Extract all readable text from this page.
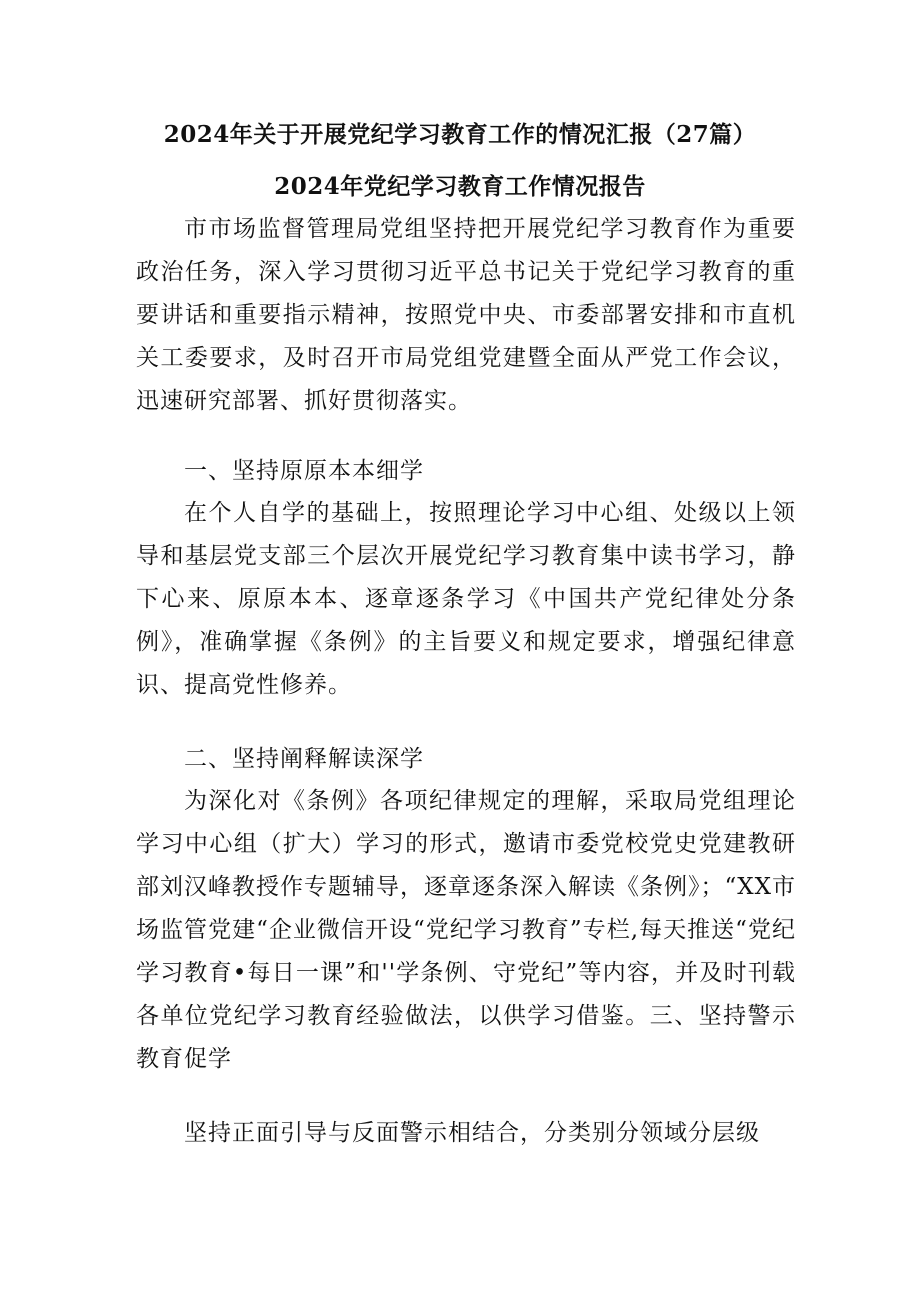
2024年关于开展党纪学习教育工作的情况汇报（27篇）
2024年党纪学习教育工作情况报告
市市场监督管理局党组坚持把开展党纪学习教育作为重要政治任务，深入学习贯彻习近平总书记关于党纪学习教育的重要讲话和重要指示精神，按照党中央、市委部署安排和市直机关工委要求，及时召开市局党组党建暨全面从严党工作会议，迅速研究部署、抓好贯彻落实。
一、坚持原原本本细学
在个人自学的基础上，按照理论学习中心组、处级以上领导和基层党支部三个层次开展党纪学习教育集中读书学习，静下心来、原原本本、逐章逐条学习《中国共产党纪律处分条例》，准确掌握《条例》的主旨要义和规定要求，增强纪律意识、提高党性修养。
二、坚持阐释解读深学
为深化对《条例》各项纪律规定的理解，采取局党组理论学习中心组（扩大）学习的形式，邀请市委党校党史党建教研部刘汉峰教授作专题辅导，逐章逐条深入解读《条例》；“XX市场监管党建“企业微信开设“党纪学习教育”专栏,每天推送“党纪学习教育•每日一课”和''学条例、守党纪”等内容，并及时刊载各单位党纪学习教育经验做法，以供学习借鉴。三、坚持警示教育促学
坚持正面引导与反面警示相结合，分类别分领域分层级
